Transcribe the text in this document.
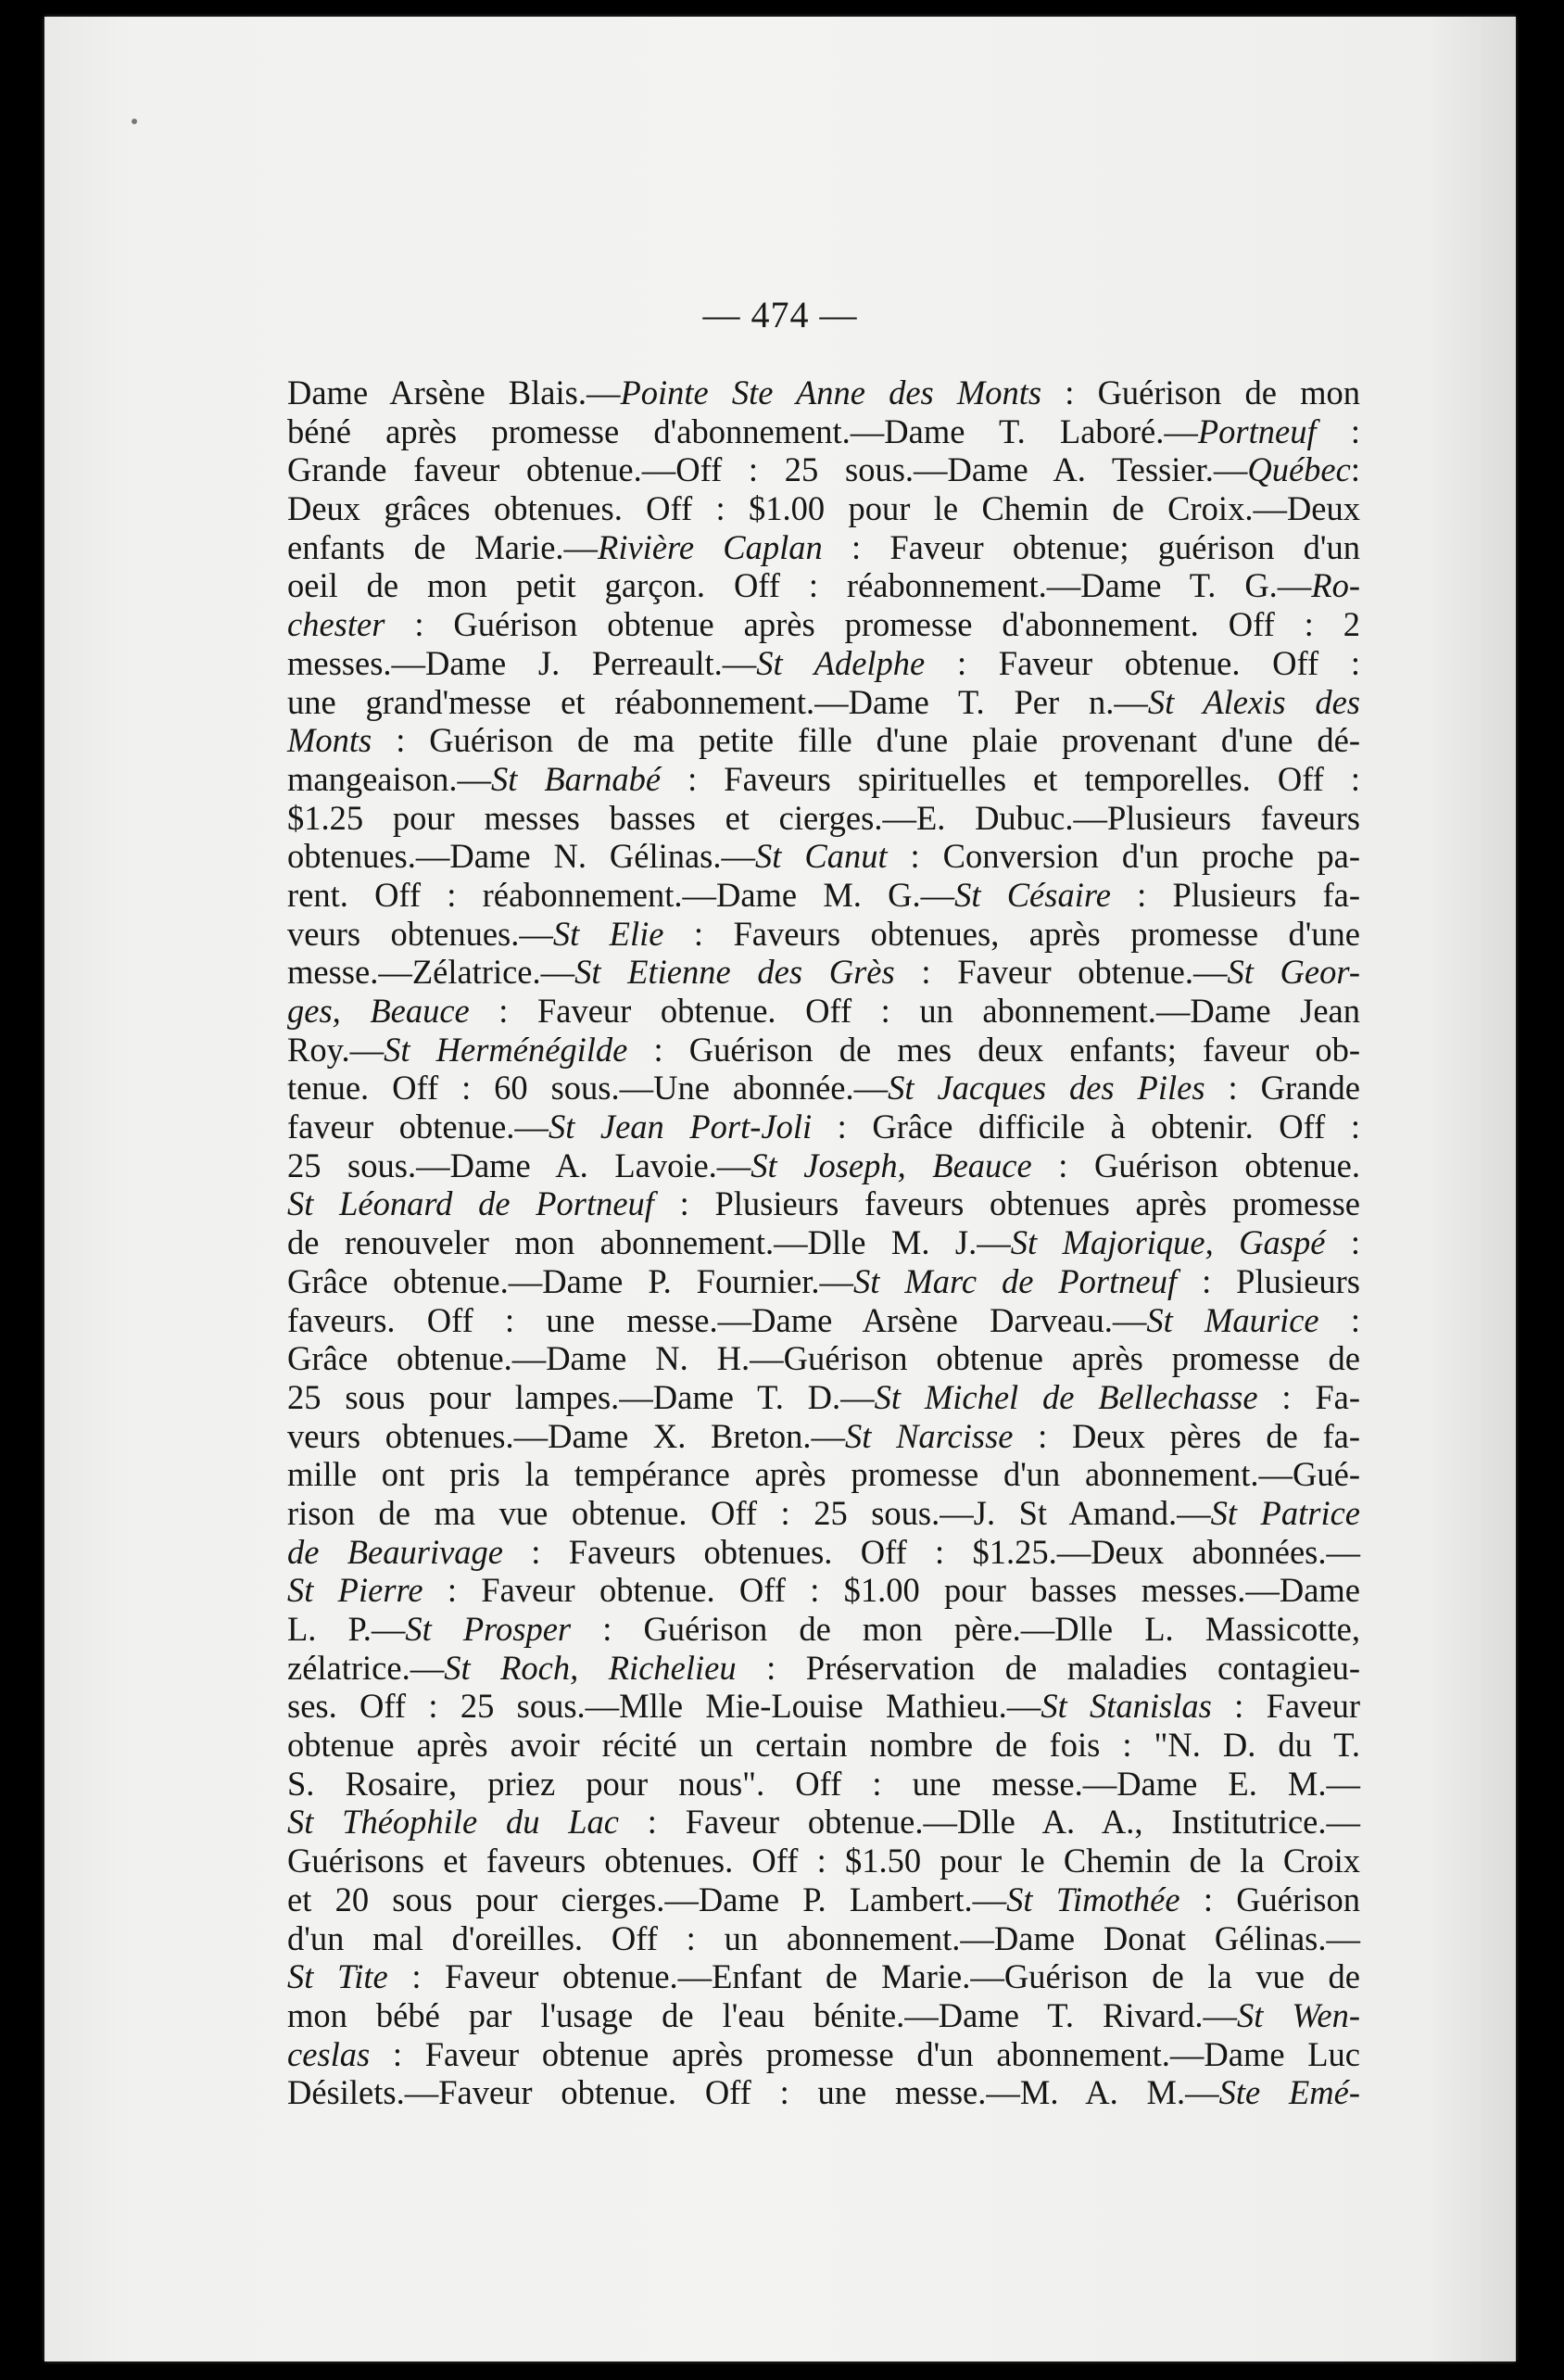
— 474 —
Dame Arsène Blais.—Pointe Ste Anne des Monts : Guérison de mon
béné après promesse d'abonnement.—Dame T. Laboré.—Portneuf :
Grande faveur obtenue.—Off : 25 sous.—Dame A. Tessier.—Québec:
Deux grâces obtenues. Off : $1.00 pour le Chemin de Croix.—Deux
enfants de Marie.—Rivière Caplan : Faveur obtenue; guérison d'un
oeil de mon petit garçon. Off : réabonnement.—Dame T. G.—Ro-
chester : Guérison obtenue après promesse d'abonnement. Off : 2
messes.—Dame J. Perreault.—St Adelphe : Faveur obtenue. Off :
une grand'messe et réabonnement.—Dame T. Per n.—St Alexis des
Monts : Guérison de ma petite fille d'une plaie provenant d'une dé-
mangeaison.—St Barnabé : Faveurs spirituelles et temporelles. Off :
$1.25 pour messes basses et cierges.—E. Dubuc.—Plusieurs faveurs
obtenues.—Dame N. Gélinas.—St Canut : Conversion d'un proche pa-
rent. Off : réabonnement.—Dame M. G.—St Césaire : Plusieurs fa-
veurs obtenues.—St Elie : Faveurs obtenues, après promesse d'une
messe.—Zélatrice.—St Etienne des Grès : Faveur obtenue.—St Geor-
ges, Beauce : Faveur obtenue. Off : un abonnement.—Dame Jean
Roy.—St Herménégilde : Guérison de mes deux enfants; faveur ob-
tenue. Off : 60 sous.—Une abonnée.—St Jacques des Piles : Grande
faveur obtenue.—St Jean Port-Joli : Grâce difficile à obtenir. Off :
25 sous.—Dame A. Lavoie.—St Joseph, Beauce : Guérison obtenue.
St Léonard de Portneuf : Plusieurs faveurs obtenues après promesse
de renouveler mon abonnement.—Dlle M. J.—St Majorique, Gaspé :
Grâce obtenue.—Dame P. Fournier.—St Marc de Portneuf : Plusieurs
faveurs. Off : une messe.—Dame Arsène Darveau.—St Maurice :
Grâce obtenue.—Dame N. H.—Guérison obtenue après promesse de
25 sous pour lampes.—Dame T. D.—St Michel de Bellechasse : Fa-
veurs obtenues.—Dame X. Breton.—St Narcisse : Deux pères de fa-
mille ont pris la tempérance après promesse d'un abonnement.—Gué-
rison de ma vue obtenue. Off : 25 sous.—J. St Amand.—St Patrice
de Beaurivage : Faveurs obtenues. Off : $1.25.—Deux abonnées.—
St Pierre : Faveur obtenue. Off : $1.00 pour basses messes.—Dame
L. P.—St Prosper : Guérison de mon père.—Dlle L. Massicotte,
zélatrice.—St Roch, Richelieu : Préservation de maladies contagieu-
ses. Off : 25 sous.—Mlle Mie-Louise Mathieu.—St Stanislas : Faveur
obtenue après avoir récité un certain nombre de fois : "N. D. du T.
S. Rosaire, priez pour nous". Off : une messe.—Dame E. M.—
St Théophile du Lac : Faveur obtenue.—Dlle A. A., Institutrice.—
Guérisons et faveurs obtenues. Off : $1.50 pour le Chemin de la Croix
et 20 sous pour cierges.—Dame P. Lambert.—St Timothée : Guérison
d'un mal d'oreilles. Off : un abonnement.—Dame Donat Gélinas.—
St Tite : Faveur obtenue.—Enfant de Marie.—Guérison de la vue de
mon bébé par l'usage de l'eau bénite.—Dame T. Rivard.—St Wen-
ceslas : Faveur obtenue après promesse d'un abonnement.—Dame Luc
Désilets.—Faveur obtenue. Off : une messe.—M. A. M.—Ste Emé-
